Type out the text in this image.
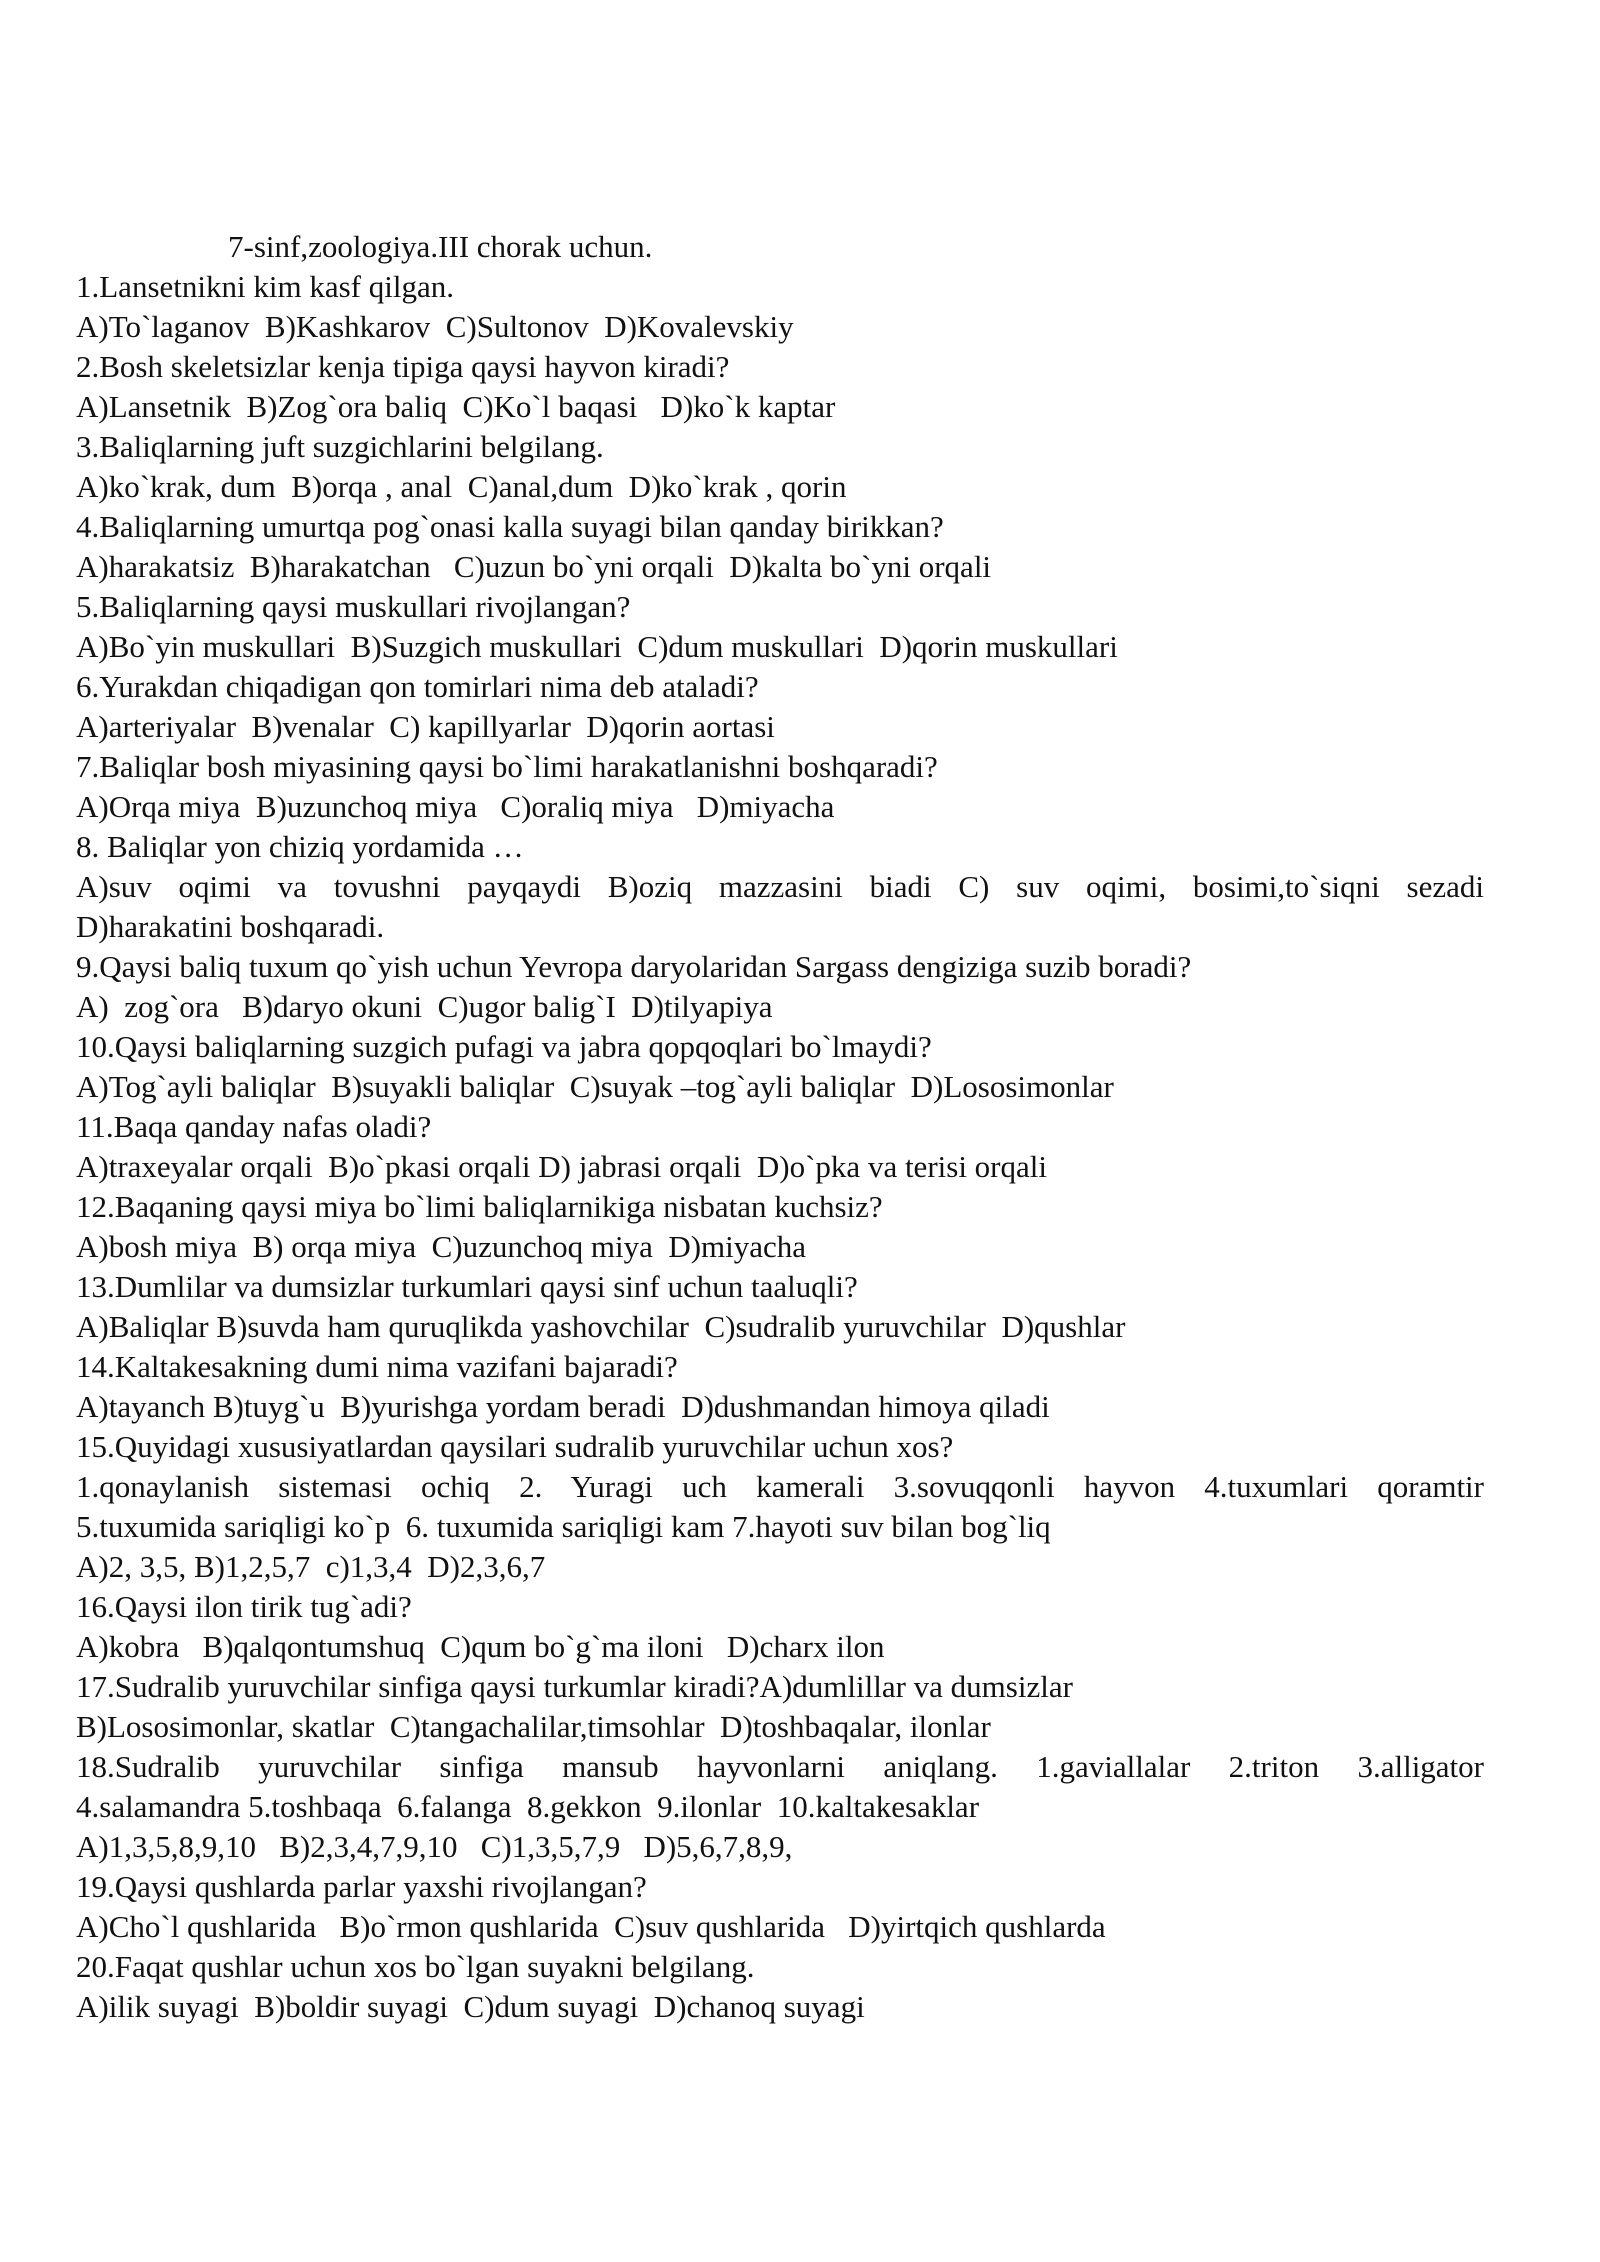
7-sinf,zoologiya.III chorak uchun.
1.Lansetnikni kim kasf qilgan.
A)To`laganov  B)Kashkarov  C)Sultonov  D)Kovalevskiy
2.Bosh skeletsizlar kenja tipiga qaysi hayvon kiradi?
A)Lansetnik  B)Zog`ora baliq  C)Ko`l baqasi   D)ko`k kaptar
3.Baliqlarning juft suzgichlarini belgilang.
A)ko`krak, dum  B)orqa , anal  C)anal,dum  D)ko`krak , qorin
4.Baliqlarning umurtqa pog`onasi kalla suyagi bilan qanday birikkan?
A)harakatsiz  B)harakatchan   C)uzun bo`yni orqali  D)kalta bo`yni orqali
5.Baliqlarning qaysi muskullari rivojlangan?
A)Bo`yin muskullari  B)Suzgich muskullari  C)dum muskullari  D)qorin muskullari
6.Yurakdan chiqadigan qon tomirlari nima deb ataladi?
A)arteriyalar  B)venalar  C) kapillyarlar  D)qorin aortasi
7.Baliqlar bosh miyasining qaysi bo`limi harakatlanishni boshqaradi?
A)Orqa miya  B)uzunchoq miya   C)oraliq miya   D)miyacha
8. Baliqlar yon chiziq yordamida …
A)suv oqimi va tovushni payqaydi B)oziq mazzasini biadi C) suv oqimi, bosimi,to`siqni sezadi
D)harakatini boshqaradi.
9.Qaysi baliq tuxum qo`yish uchun Yevropa daryolaridan Sargass dengiziga suzib boradi?
A)  zog`ora   B)daryo okuni  C)ugor balig`I  D)tilyapiya
10.Qaysi baliqlarning suzgich pufagi va jabra qopqoqlari bo`lmaydi?
A)Tog`ayli baliqlar  B)suyakli baliqlar  C)suyak –tog`ayli baliqlar  D)Lososimonlar
11.Baqa qanday nafas oladi?
A)traxeyalar orqali  B)o`pkasi orqali D) jabrasi orqali  D)o`pka va terisi orqali
12.Baqaning qaysi miya bo`limi baliqlarnikiga nisbatan kuchsiz?
A)bosh miya  B) orqa miya  C)uzunchoq miya  D)miyacha
13.Dumlilar va dumsizlar turkumlari qaysi sinf uchun taaluqli?
A)Baliqlar B)suvda ham quruqlikda yashovchilar  C)sudralib yuruvchilar  D)qushlar
14.Kaltakesakning dumi nima vazifani bajaradi?
A)tayanch B)tuyg`u  B)yurishga yordam beradi  D)dushmandan himoya qiladi
15.Quyidagi xususiyatlardan qaysilari sudralib yuruvchilar uchun xos?
1.qonaylanish sistemasi ochiq 2. Yuragi uch kamerali 3.sovuqqonli hayvon 4.tuxumlari qoramtir
5.tuxumida sariqligi ko`p  6. tuxumida sariqligi kam 7.hayoti suv bilan bog`liq
A)2, 3,5, B)1,2,5,7  c)1,3,4  D)2,3,6,7
16.Qaysi ilon tirik tug`adi?
A)kobra   B)qalqontumshuq  C)qum bo`g`ma iloni   D)charx ilon
17.Sudralib yuruvchilar sinfiga qaysi turkumlar kiradi?A)dumlillar va dumsizlar
B)Lososimonlar, skatlar  C)tangachalilar,timsohlar  D)toshbaqalar, ilonlar
18.Sudralib yuruvchilar sinfiga mansub hayvonlarni aniqlang. 1.gaviallalar 2.triton 3.alligator
4.salamandra 5.toshbaqa  6.falanga  8.gekkon  9.ilonlar  10.kaltakesaklar
A)1,3,5,8,9,10   B)2,3,4,7,9,10   C)1,3,5,7,9   D)5,6,7,8,9,
19.Qaysi qushlarda parlar yaxshi rivojlangan?
A)Cho`l qushlarida   B)o`rmon qushlarida  C)suv qushlarida   D)yirtqich qushlarda
20.Faqat qushlar uchun xos bo`lgan suyakni belgilang.
A)ilik suyagi  B)boldir suyagi  C)dum suyagi  D)chanoq suyagi
